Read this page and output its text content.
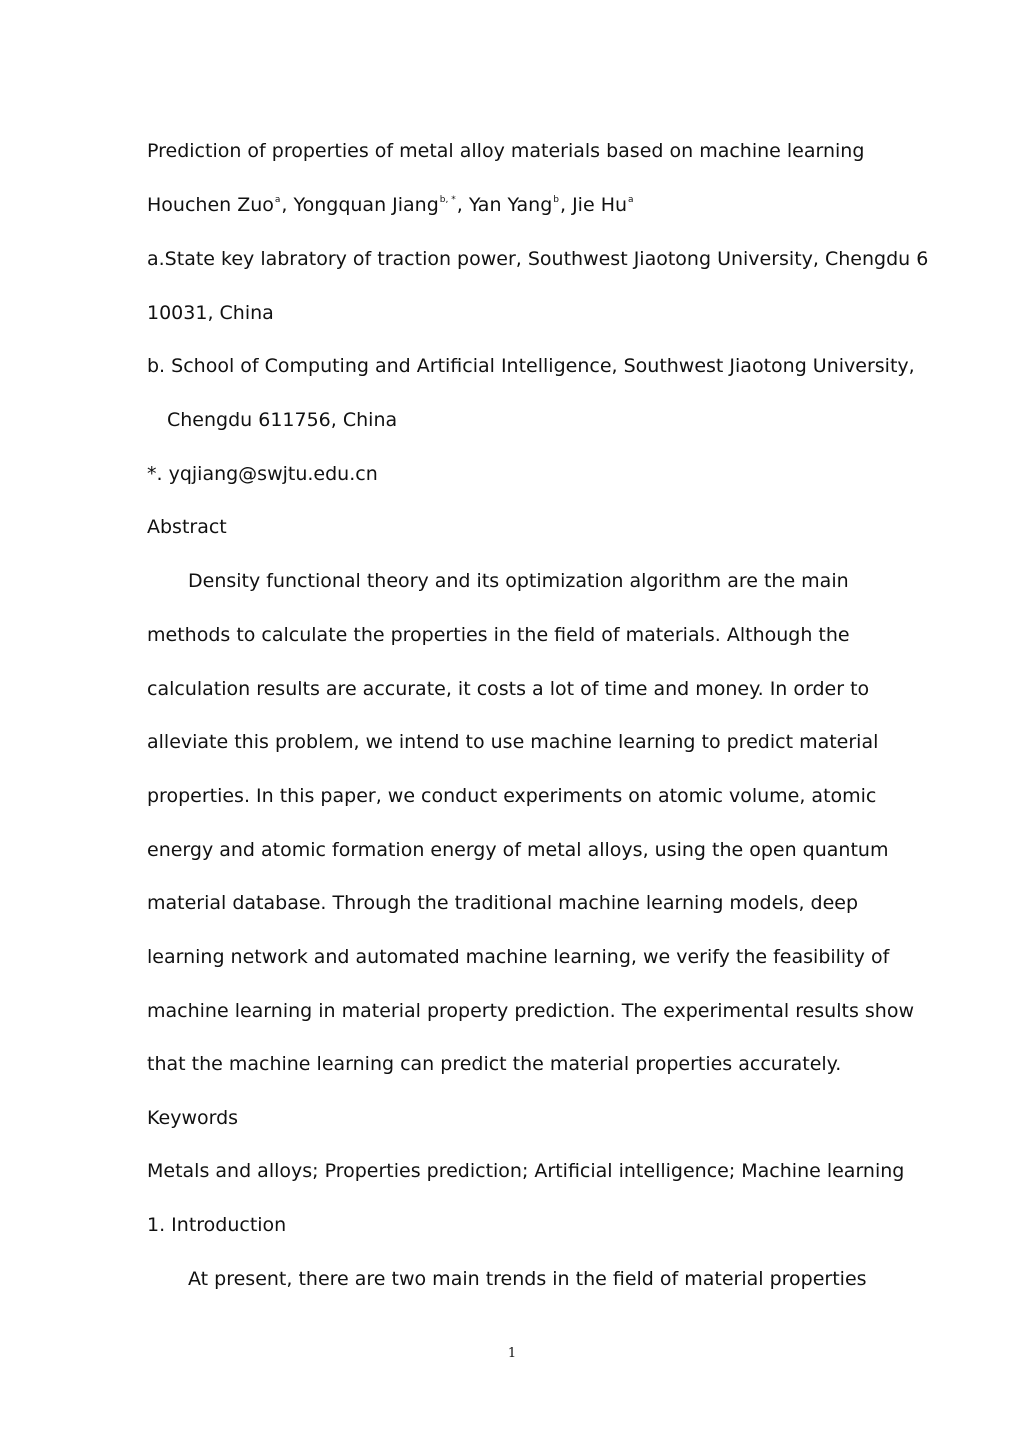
Prediction of properties of metal alloy materials based on machine learning
Houchen Zuo$^a$, Yongquan Jiang$^{b, *}$, Yan Yang$^b$, Jie Hu$^a$
a.State key labratory of traction power, Southwest Jiaotong University, Chengdu 6
10031, China
b. School of Computing and Artificial Intelligence, Southwest Jiaotong University,
Chengdu 611756, China
*. yqjiang@swjtu.edu.cn
Abstract
Density functional theory and its optimization algorithm are the main
methods to calculate the properties in the field of materials. Although the
calculation results are accurate, it costs a lot of time and money. In order to
alleviate this problem, we intend to use machine learning to predict material
properties. In this paper, we conduct experiments on atomic volume, atomic
energy and atomic formation energy of metal alloys, using the open quantum
material database. Through the traditional machine learning models, deep
learning network and automated machine learning, we verify the feasibility of
machine learning in material property prediction. The experimental results show
that the machine learning can predict the material properties accurately.
Keywords
Metals and alloys; Properties prediction; Artificial intelligence; Machine learning
1. Introduction
At present, there are two main trends in the field of material properties
1
